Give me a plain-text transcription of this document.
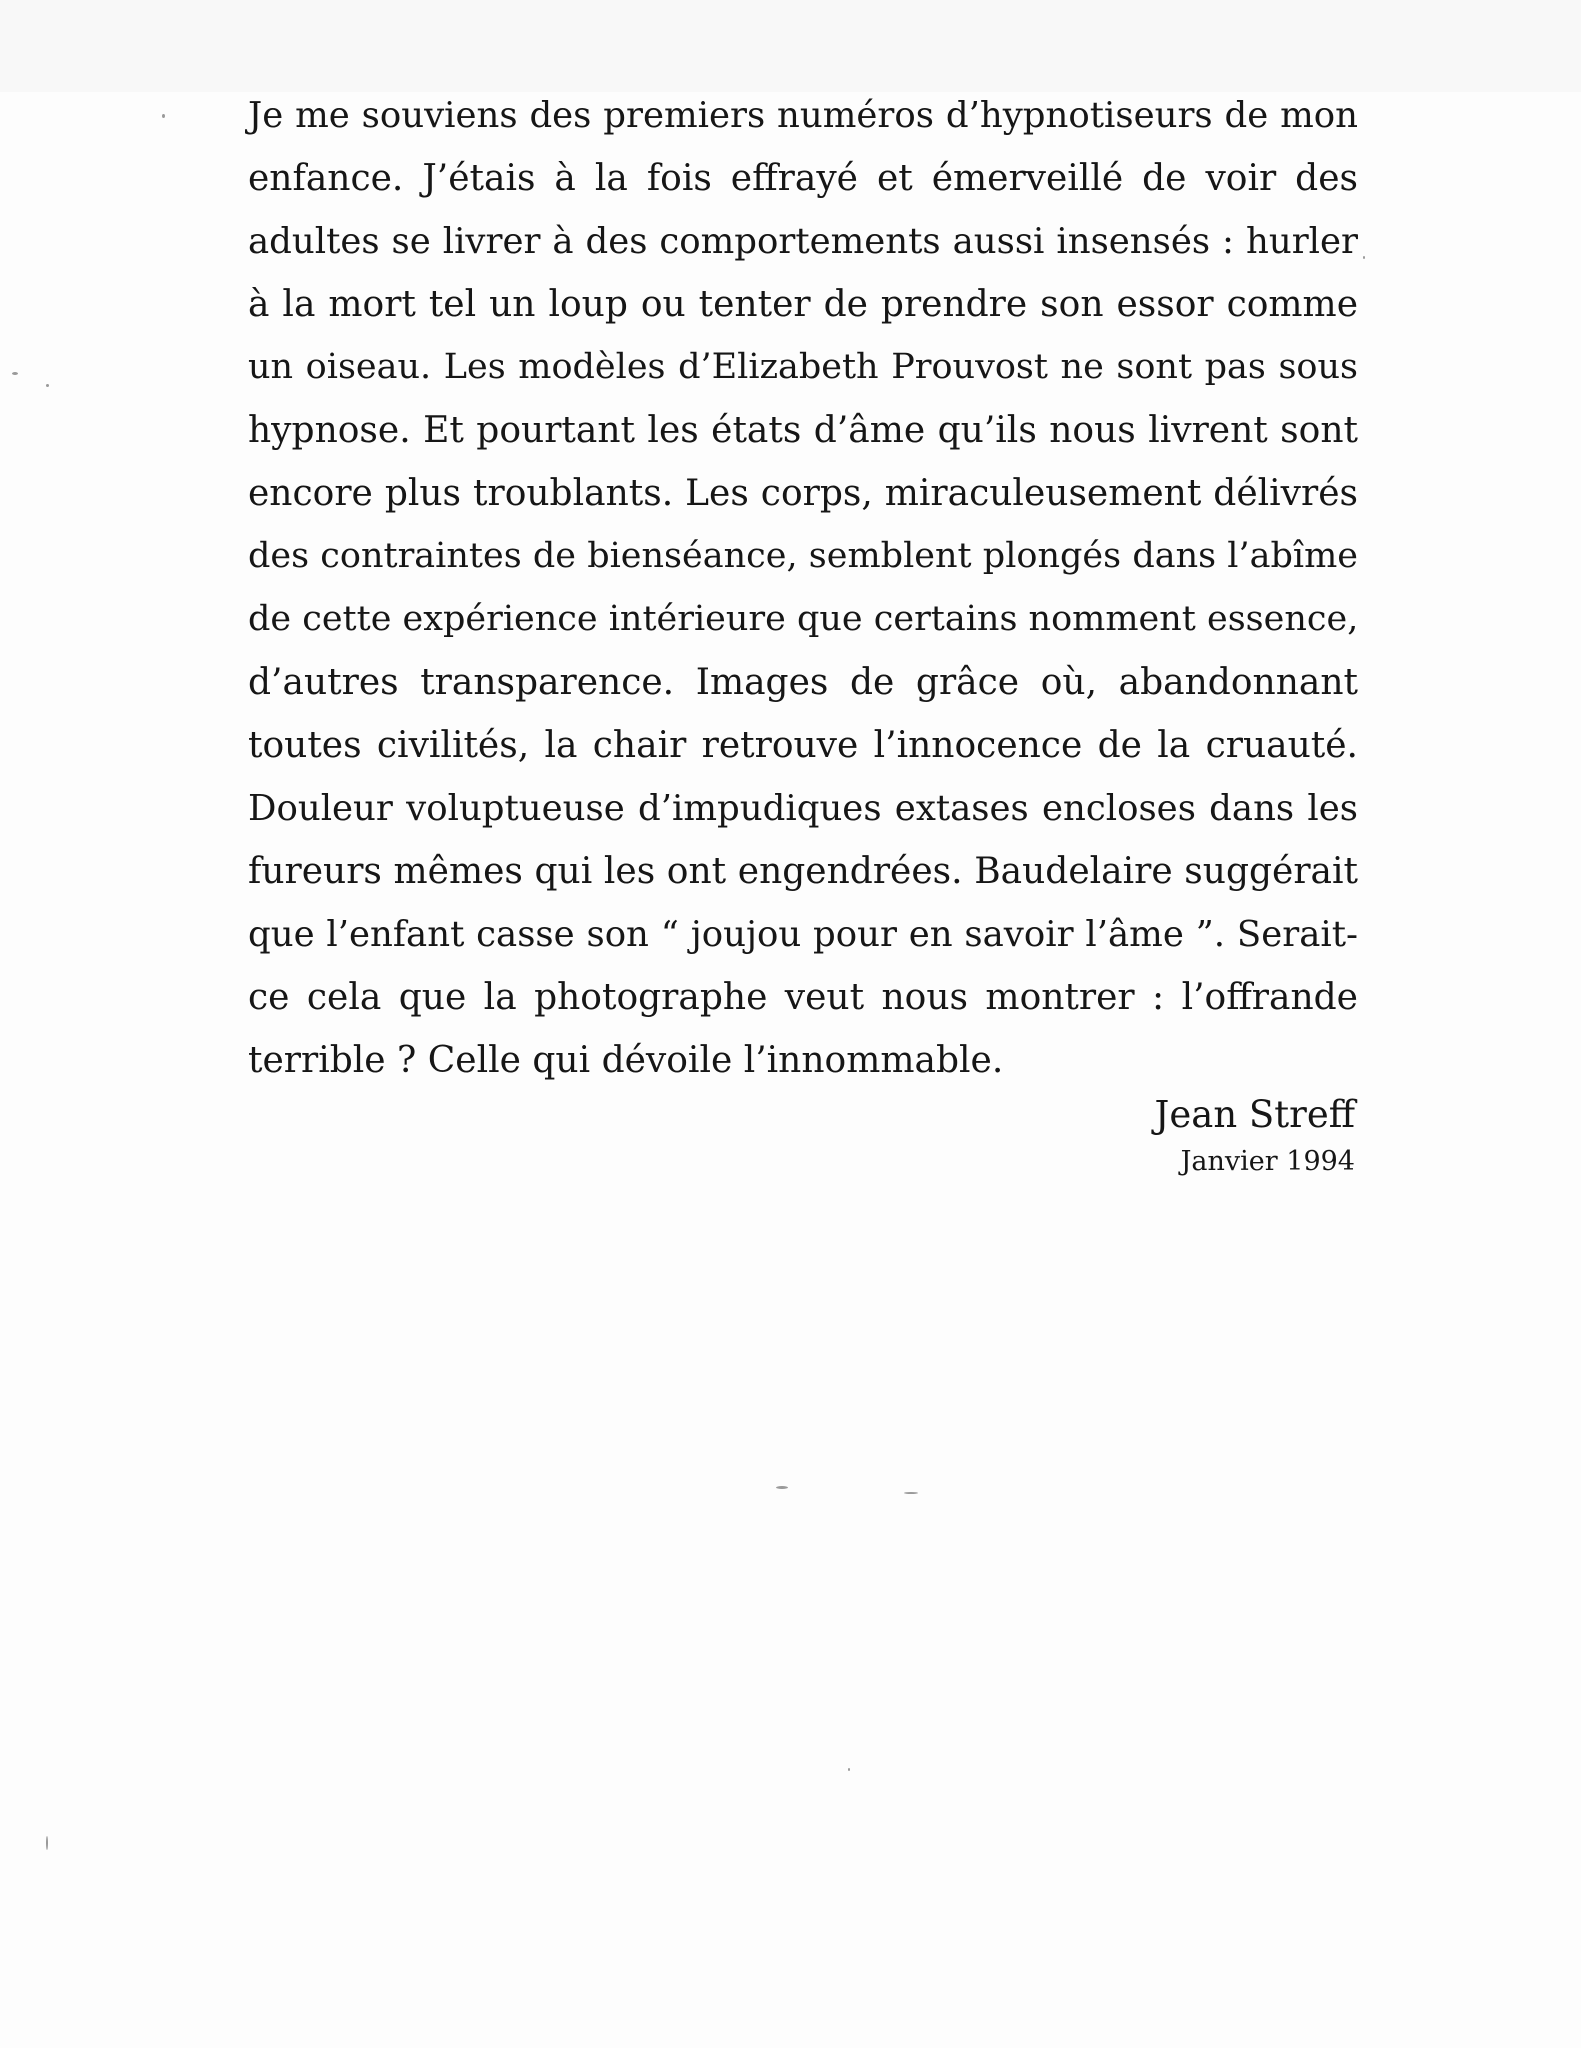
Je me souviens des premiers numéros d’hypnotiseurs de mon
enfance. J’étais à la fois effrayé et émerveillé de voir des
adultes se livrer à des comportements aussi insensés : hurler
à la mort tel un loup ou tenter de prendre son essor comme
un oiseau. Les modèles d’Elizabeth Prouvost ne sont pas sous
hypnose. Et pourtant les états d’âme qu’ils nous livrent sont
encore plus troublants. Les corps, miraculeusement délivrés
des contraintes de bienséance, semblent plongés dans l’abîme
de cette expérience intérieure que certains nomment essence,
d’autres transparence. Images de grâce où, abandonnant
toutes civilités, la chair retrouve l’innocence de la cruauté.
Douleur voluptueuse d’impudiques extases encloses dans les
fureurs mêmes qui les ont engendrées. Baudelaire suggérait
que l’enfant casse son “ joujou pour en savoir l’âme ”. Serait-
ce cela que la photographe veut nous montrer : l’offrande
terrible ? Celle qui dévoile l’innommable.
Jean Streff
Janvier 1994
